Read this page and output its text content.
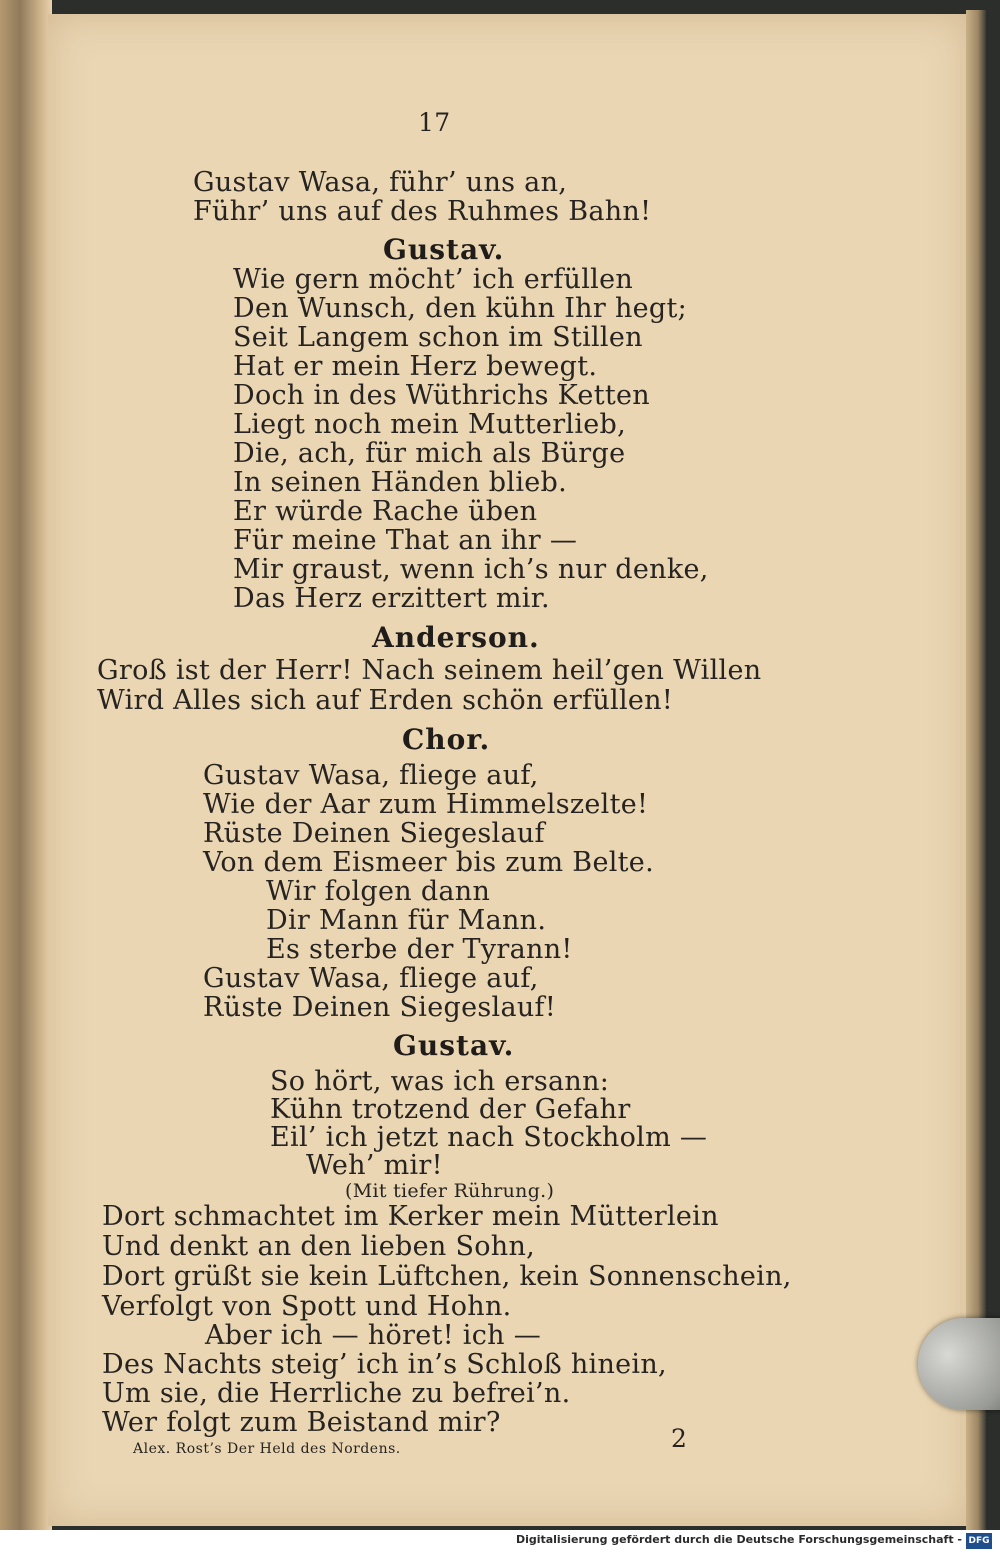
17
Gustav Wasa, führ’ uns an,
Führ’ uns auf des Ruhmes Bahn!
Gustav.
Wie gern möcht’ ich erfüllen
Den Wunsch, den kühn Ihr hegt;
Seit Langem schon im Stillen
Hat er mein Herz bewegt.
Doch in des Wüthrichs Ketten
Liegt noch mein Mutterlieb,
Die, ach, für mich als Bürge
In seinen Händen blieb.
Er würde Rache üben
Für meine That an ihr —
Mir graust, wenn ich’s nur denke,
Das Herz erzittert mir.
Anderson.
Groß ist der Herr! Nach seinem heil’gen Willen
Wird Alles sich auf Erden schön erfüllen!
Chor.
Gustav Wasa, fliege auf,
Wie der Aar zum Himmelszelte!
Rüste Deinen Siegeslauf
Von dem Eismeer bis zum Belte.
Wir folgen dann
Dir Mann für Mann.
Es sterbe der Tyrann!
Gustav Wasa, fliege auf,
Rüste Deinen Siegeslauf!
Gustav.
So hört, was ich ersann:
Kühn trotzend der Gefahr
Eil’ ich jetzt nach Stockholm —
Weh’ mir!
(Mit tiefer Rührung.)
Dort schmachtet im Kerker mein Mütterlein
Und denkt an den lieben Sohn,
Dort grüßt sie kein Lüftchen, kein Sonnenschein,
Verfolgt von Spott und Hohn.
Aber ich — höret! ich —
Des Nachts steig’ ich in’s Schloß hinein,
Um sie, die Herrliche zu befrei’n.
Wer folgt zum Beistand mir?
Alex. Rost’s Der Held des Nordens.	2
Digitalisierung gefördert durch die Deutsche Forschungsgemeinschaft - DFG
